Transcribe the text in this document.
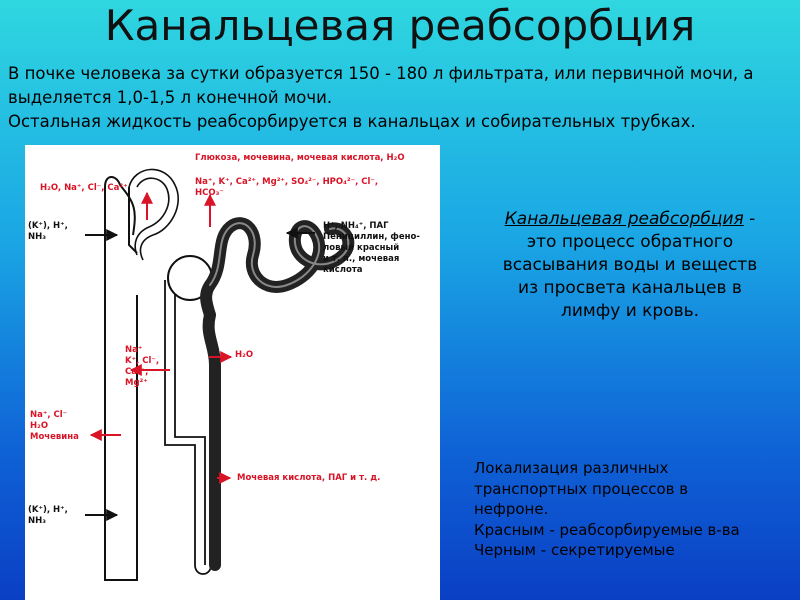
Канальцевая реабсорбция
В почке человека за сутки образуется 150 - 180 л фильтрата, или первичной мочи, а выделяется 1,0-1,5 л конечной мочи.
Остальная жидкость реабсорбируется в канальцах и собирательных трубках.
H₂O, Na⁺, Cl⁻, Ca²⁺
Глюкоза, мочевина, мочевая кислота, H₂O
Na⁺, K⁺, Ca²⁺, Mg²⁺, SO₄²⁻, HPO₄²⁻, Cl⁻,
HCO₃⁻
(K⁺), H⁺,
NH₃
H⁺, NH₄⁺, ПАГ
Пенициллин, фено-
ловый красный
и т. п., мочевая
кислота
Na⁺
K⁺, Cl⁻,
Ca²⁺,
Mg²⁺
H₂O
Na⁺, Cl⁻
H₂O
Мочевина
Мочевая кислота, ПАГ и т. д.
(K⁺), H⁺,
NH₃
Канальцевая реабсорбция - это процесс обратного всасывания воды и веществ из просвета канальцев в лимфу и кровь.
Локализация различных
транспортных процессов в
нефроне.
Красным - реабсорбируемые в-ва
Черным - секретируемые
